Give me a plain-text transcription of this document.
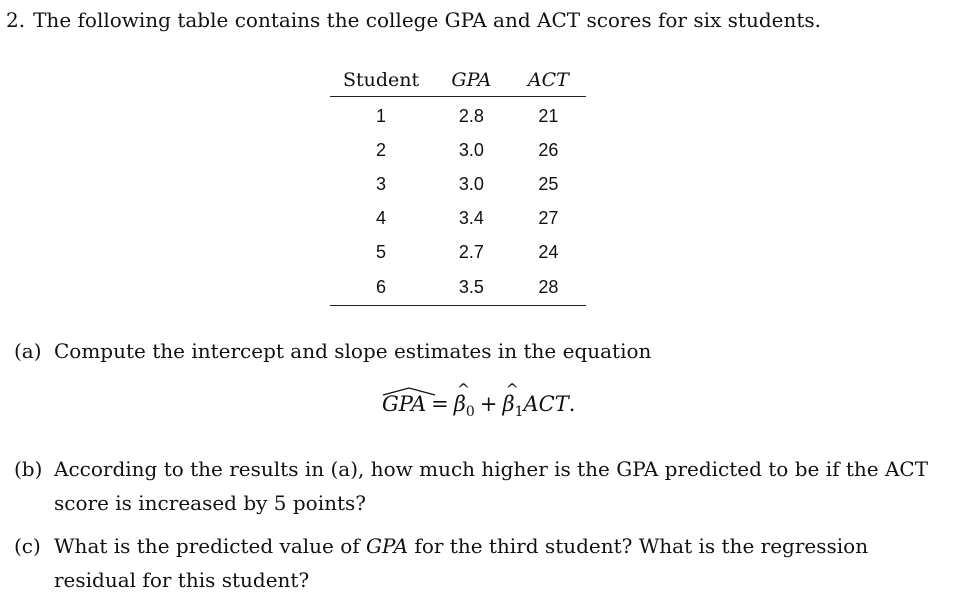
2. The following table contains the college GPA and ACT scores for six students.
Student	GPA	ACT
1	2.8	21
2	3.0	26
3	3.0	25
4	3.4	27
5	2.7	24
6	3.5	28
(a) Compute the intercept and slope estimates in the equation
GPA =
^
$\beta_0$ +
^
$\beta_1ACT$.
(b) According to the results in (a), how much higher is the GPA predicted to be if the ACT
score is increased by 5 points?
(c) What is the predicted value of GPA for the third student? What is the regression
residual for this student?
